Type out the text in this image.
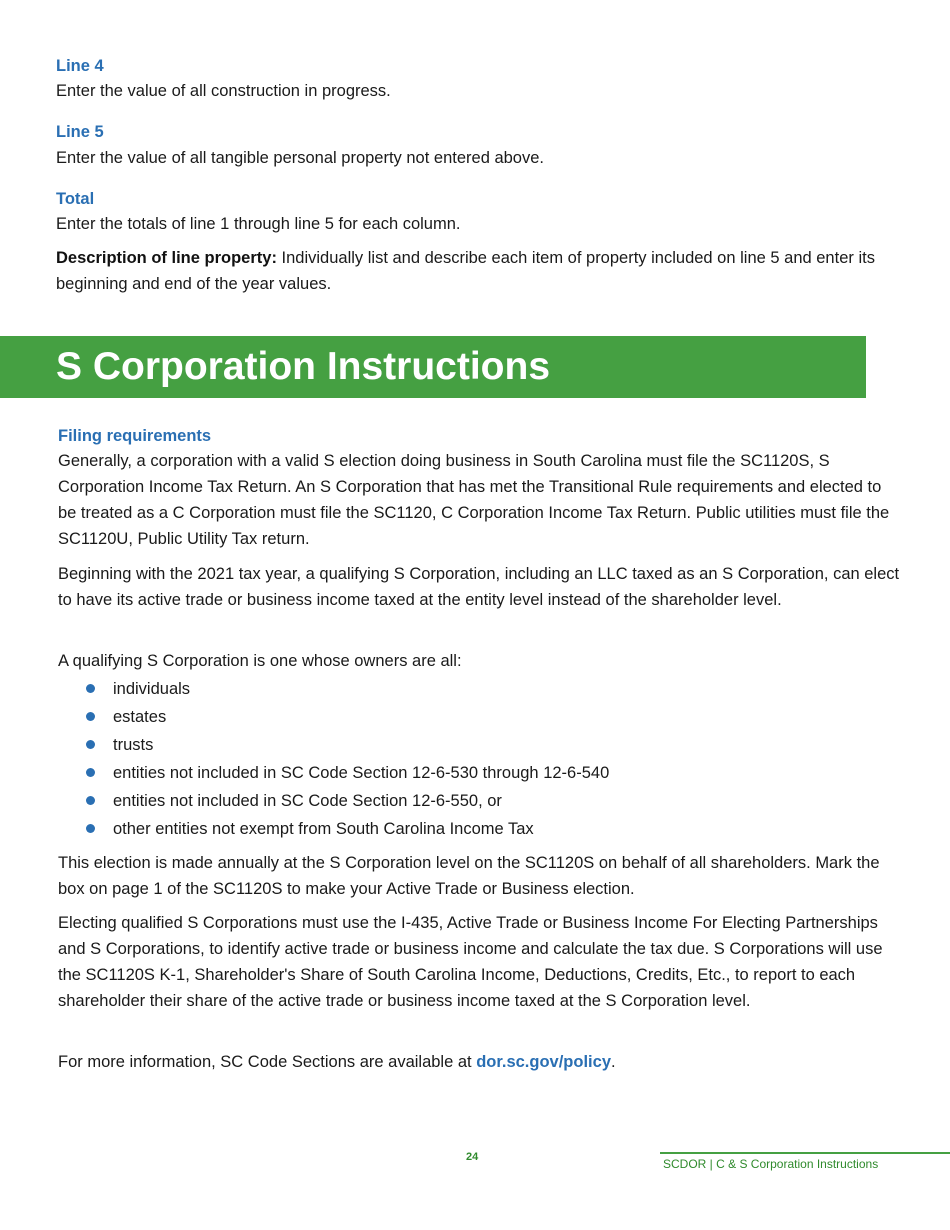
Line 4
Enter the value of all construction in progress.
Line 5
Enter the value of all tangible personal property not entered above.
Total
Enter the totals of line 1 through line 5 for each column.
Description of line property: Individually list and describe each item of property included on line 5 and enter its beginning and end of the year values.
S Corporation Instructions
Filing requirements
Generally, a corporation with a valid S election doing business in South Carolina must file the SC1120S, S Corporation Income Tax Return. An S Corporation that has met the Transitional Rule requirements and elected to be treated as a C Corporation must file the SC1120, C Corporation Income Tax Return. Public utilities must file the SC1120U, Public Utility Tax return.
Beginning with the 2021 tax year, a qualifying S Corporation, including an LLC taxed as an S Corporation, can elect to have its active trade or business income taxed at the entity level instead of the shareholder level.
A qualifying S Corporation is one whose owners are all:
individuals
estates
trusts
entities not included in SC Code Section 12-6-530 through 12-6-540
entities not included in SC Code Section 12-6-550, or
other entities not exempt from South Carolina Income Tax
This election is made annually at the S Corporation level on the SC1120S on behalf of all shareholders. Mark the box on page 1 of the SC1120S to make your Active Trade or Business election.
Electing qualified S Corporations must use the I-435, Active Trade or Business Income For Electing Partnerships and S Corporations, to identify active trade or business income and calculate the tax due. S Corporations will use the SC1120S K-1, Shareholder's Share of South Carolina Income, Deductions, Credits, Etc., to report to each shareholder their share of the active trade or business income taxed at the S Corporation level.
For more information, SC Code Sections are available at dor.sc.gov/policy.
24	SCDOR | C & S Corporation Instructions
